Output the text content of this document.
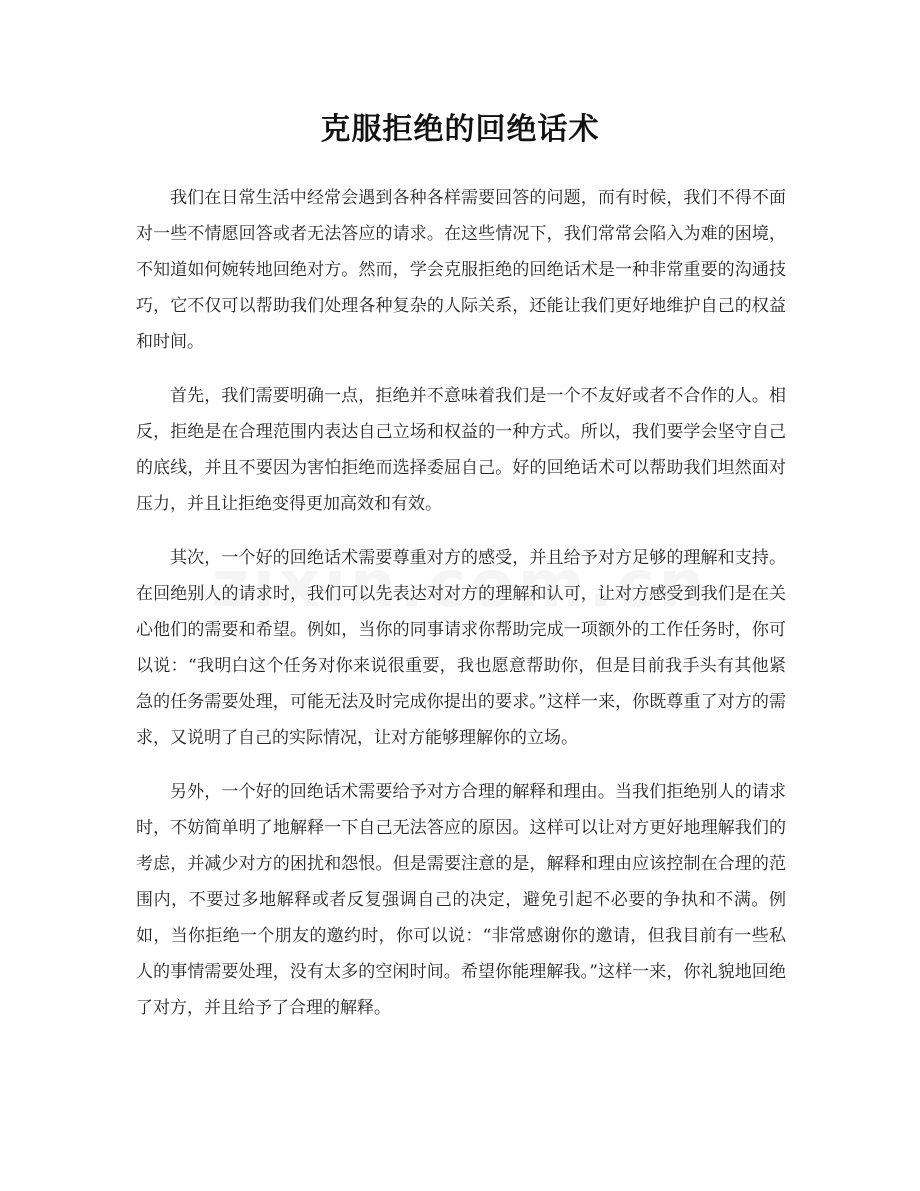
克服拒绝的回绝话术

我们在日常生活中经常会遇到各种各样需要回答的问题，而有时候，我们不得不面对一些不情愿回答或者无法答应的请求。在这些情况下，我们常常会陷入为难的困境，不知道如何婉转地回绝对方。然而，学会克服拒绝的回绝话术是一种非常重要的沟通技巧，它不仅可以帮助我们处理各种复杂的人际关系，还能让我们更好地维护自己的权益和时间。

首先，我们需要明确一点，拒绝并不意味着我们是一个不友好或者不合作的人。相反，拒绝是在合理范围内表达自己立场和权益的一种方式。所以，我们要学会坚守自己的底线，并且不要因为害怕拒绝而选择委屈自己。好的回绝话术可以帮助我们坦然面对压力，并且让拒绝变得更加高效和有效。

其次，一个好的回绝话术需要尊重对方的感受，并且给予对方足够的理解和支持。在回绝别人的请求时，我们可以先表达对对方的理解和认可，让对方感受到我们是在关心他们的需要和希望。例如，当你的同事请求你帮助完成一项额外的工作任务时，你可以说：“我明白这个任务对你来说很重要，我也愿意帮助你，但是目前我手头有其他紧急的任务需要处理，可能无法及时完成你提出的要求。”这样一来，你既尊重了对方的需求，又说明了自己的实际情况，让对方能够理解你的立场。

另外，一个好的回绝话术需要给予对方合理的解释和理由。当我们拒绝别人的请求时，不妨简单明了地解释一下自己无法答应的原因。这样可以让对方更好地理解我们的考虑，并减少对方的困扰和怨恨。但是需要注意的是，解释和理由应该控制在合理的范围内，不要过多地解释或者反复强调自己的决定，避免引起不必要的争执和不满。例如，当你拒绝一个朋友的邀约时，你可以说：“非常感谢你的邀请，但我目前有一些私人的事情需要处理，没有太多的空闲时间。希望你能理解我。”这样一来，你礼貌地回绝了对方，并且给予了合理的解释。
